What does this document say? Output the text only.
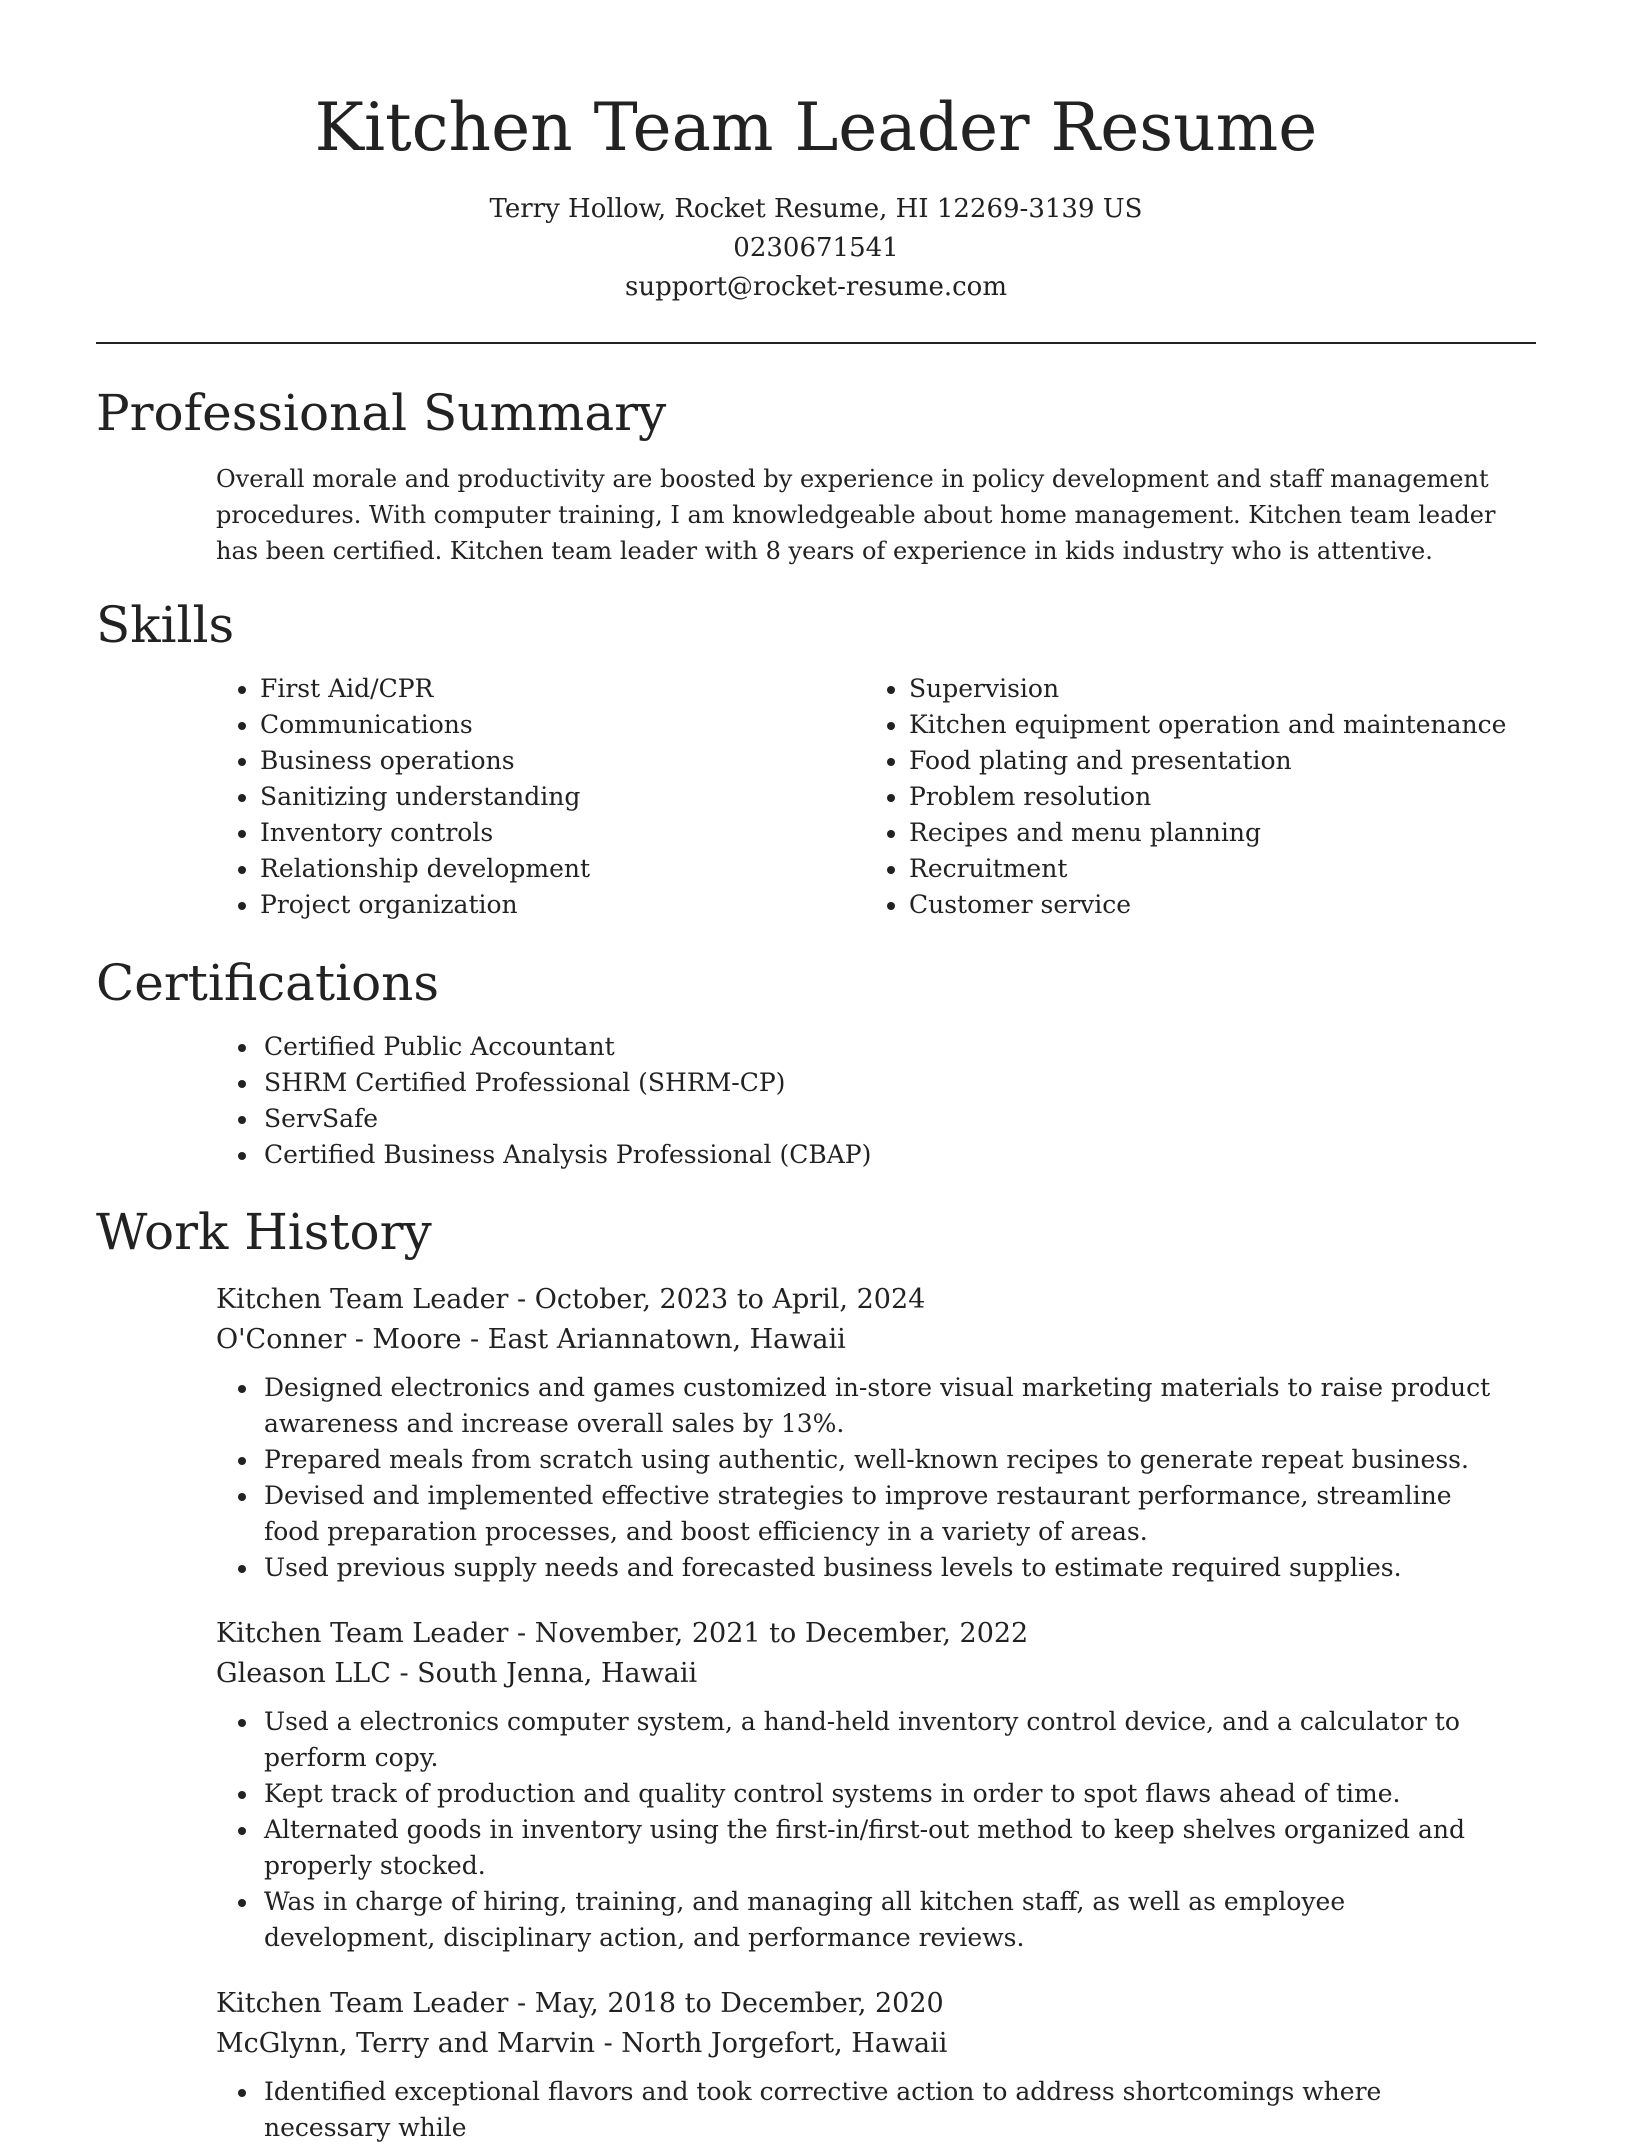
Kitchen Team Leader Resume
Terry Hollow, Rocket Resume, HI 12269-3139 US
0230671541
support@rocket-resume.com
Professional Summary
Overall morale and productivity are boosted by experience in policy development and staff management procedures. With computer training, I am knowledgeable about home management. Kitchen team leader has been certified. Kitchen team leader with 8 years of experience in kids industry who is attentive.
Skills
• First Aid/CPR
• Communications
• Business operations
• Sanitizing understanding
• Inventory controls
• Relationship development
• Project organization
• Supervision
• Kitchen equipment operation and maintenance
• Food plating and presentation
• Problem resolution
• Recipes and menu planning
• Recruitment
• Customer service
Certifications
• Certified Public Accountant
• SHRM Certified Professional (SHRM-CP)
• ServSafe
• Certified Business Analysis Professional (CBAP)
Work History
Kitchen Team Leader - October, 2023 to April, 2024
O'Conner - Moore - East Ariannatown, Hawaii
• Designed electronics and games customized in-store visual marketing materials to raise product awareness and increase overall sales by 13%.
• Prepared meals from scratch using authentic, well-known recipes to generate repeat business.
• Devised and implemented effective strategies to improve restaurant performance, streamline food preparation processes, and boost efficiency in a variety of areas.
• Used previous supply needs and forecasted business levels to estimate required supplies.
Kitchen Team Leader - November, 2021 to December, 2022
Gleason LLC - South Jenna, Hawaii
• Used a electronics computer system, a hand-held inventory control device, and a calculator to perform copy.
• Kept track of production and quality control systems in order to spot flaws ahead of time.
• Alternated goods in inventory using the first-in/first-out method to keep shelves organized and properly stocked.
• Was in charge of hiring, training, and managing all kitchen staff, as well as employee development, disciplinary action, and performance reviews.
Kitchen Team Leader - May, 2018 to December, 2020
McGlynn, Terry and Marvin - North Jorgefort, Hawaii
• Identified exceptional flavors and took corrective action to address shortcomings where necessary while
